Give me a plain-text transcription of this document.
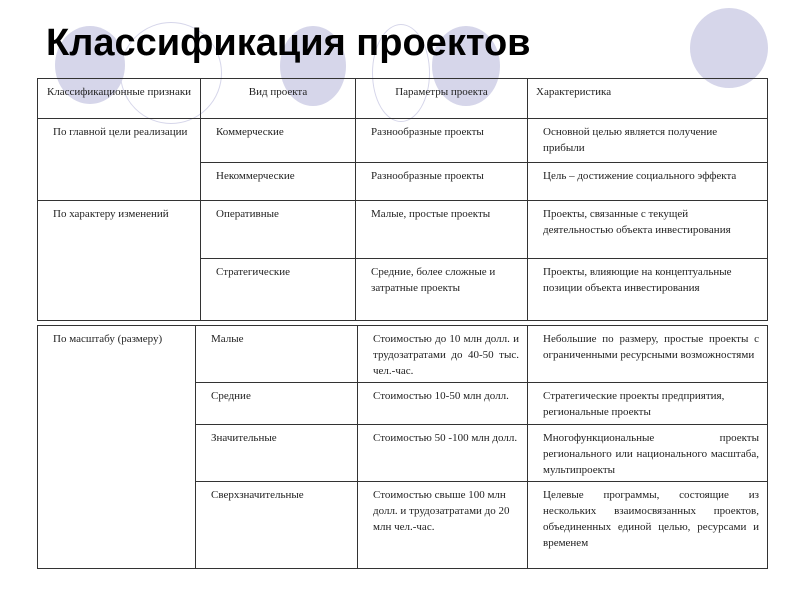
Классификация проектов
Классификационные признаки	Вид проекта	Параметры проекта	Характеристика
По главной цели реализации	Коммерческие	Разнообразные проекты	Основной целью является получение прибыли
	Некоммерческие	Разнообразные проекты	Цель – достижение социального эффекта
По характеру изменений	Оперативные	Малые, простые проекты	Проекты, связанные с текущей деятельностью объекта инвестирования
	Стратегические	Средние, более сложные и затратные проекты	Проекты, влияющие на концептуальные позиции объекта инвестирования
По масштабу (размеру)	Малые	Стоимостью до 10 млн долл. и трудозатратами до 40-50 тыс. чел.-час.	Небольшие по размеру, простые проекты с ограниченными ресурсными возможностями
	Средние	Стоимостью 10-50 млн долл.	Стратегические проекты предприятия, региональные проекты
	Значительные	Стоимостью 50 -100 млн долл.	Многофункциональные проекты регионального или национального масштаба, мультипроекты
	Сверхзначительные	Стоимостью свыше 100 млн долл. и трудозатратами до 20 млн чел.-час.	Целевые программы, состоящие из нескольких взаимосвязанных проектов, объединенных единой целью, ресурсами и временем
